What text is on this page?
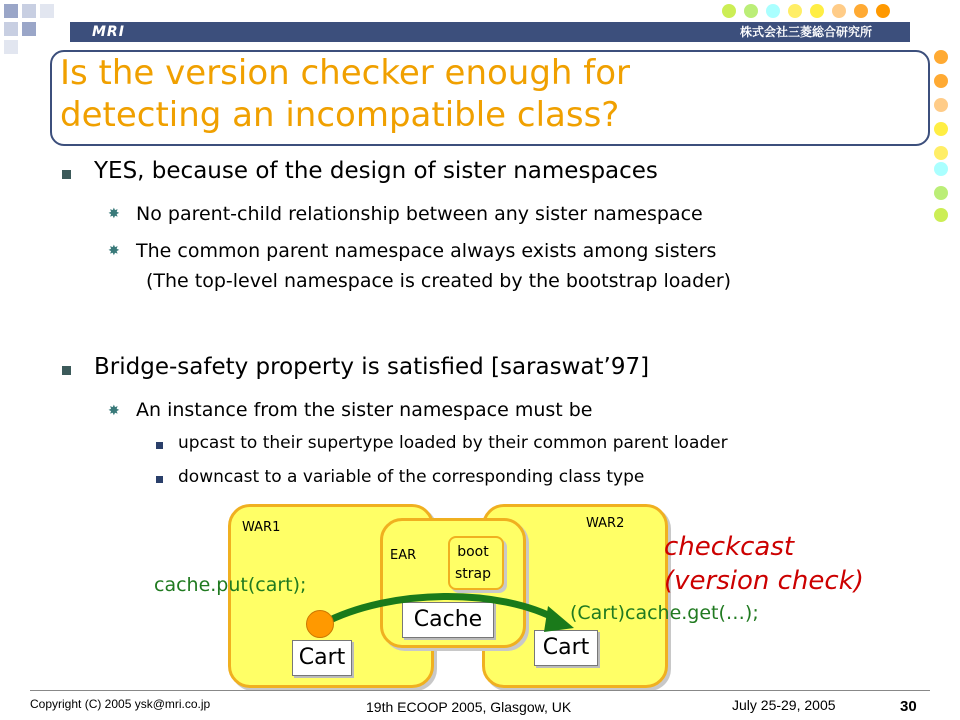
MRI	株式会社三菱総合研究所
Is the version checker enough for
detecting an incompatible class?
YES, because of the design of sister namespaces
✸ No parent-child relationship between any sister namespace
✸ The common parent namespace always exists among sisters
(The top-level namespace is created by the bootstrap loader)
Bridge-safety property is satisfied [saraswat’97]
✸ An instance from the sister namespace must be
upcast to their supertype loaded by their common parent loader
downcast to a variable of the corresponding class type
WAR1	WAR2
EAR	boot
strap
Cache
Cart	Cart
cache.put(cart);
(Cart)cache.get(…);
checkcast
(version check)
Copyright (C) 2005 ysk@mri.co.jp	19th ECOOP 2005, Glasgow, UK	July 25-29, 2005	30
